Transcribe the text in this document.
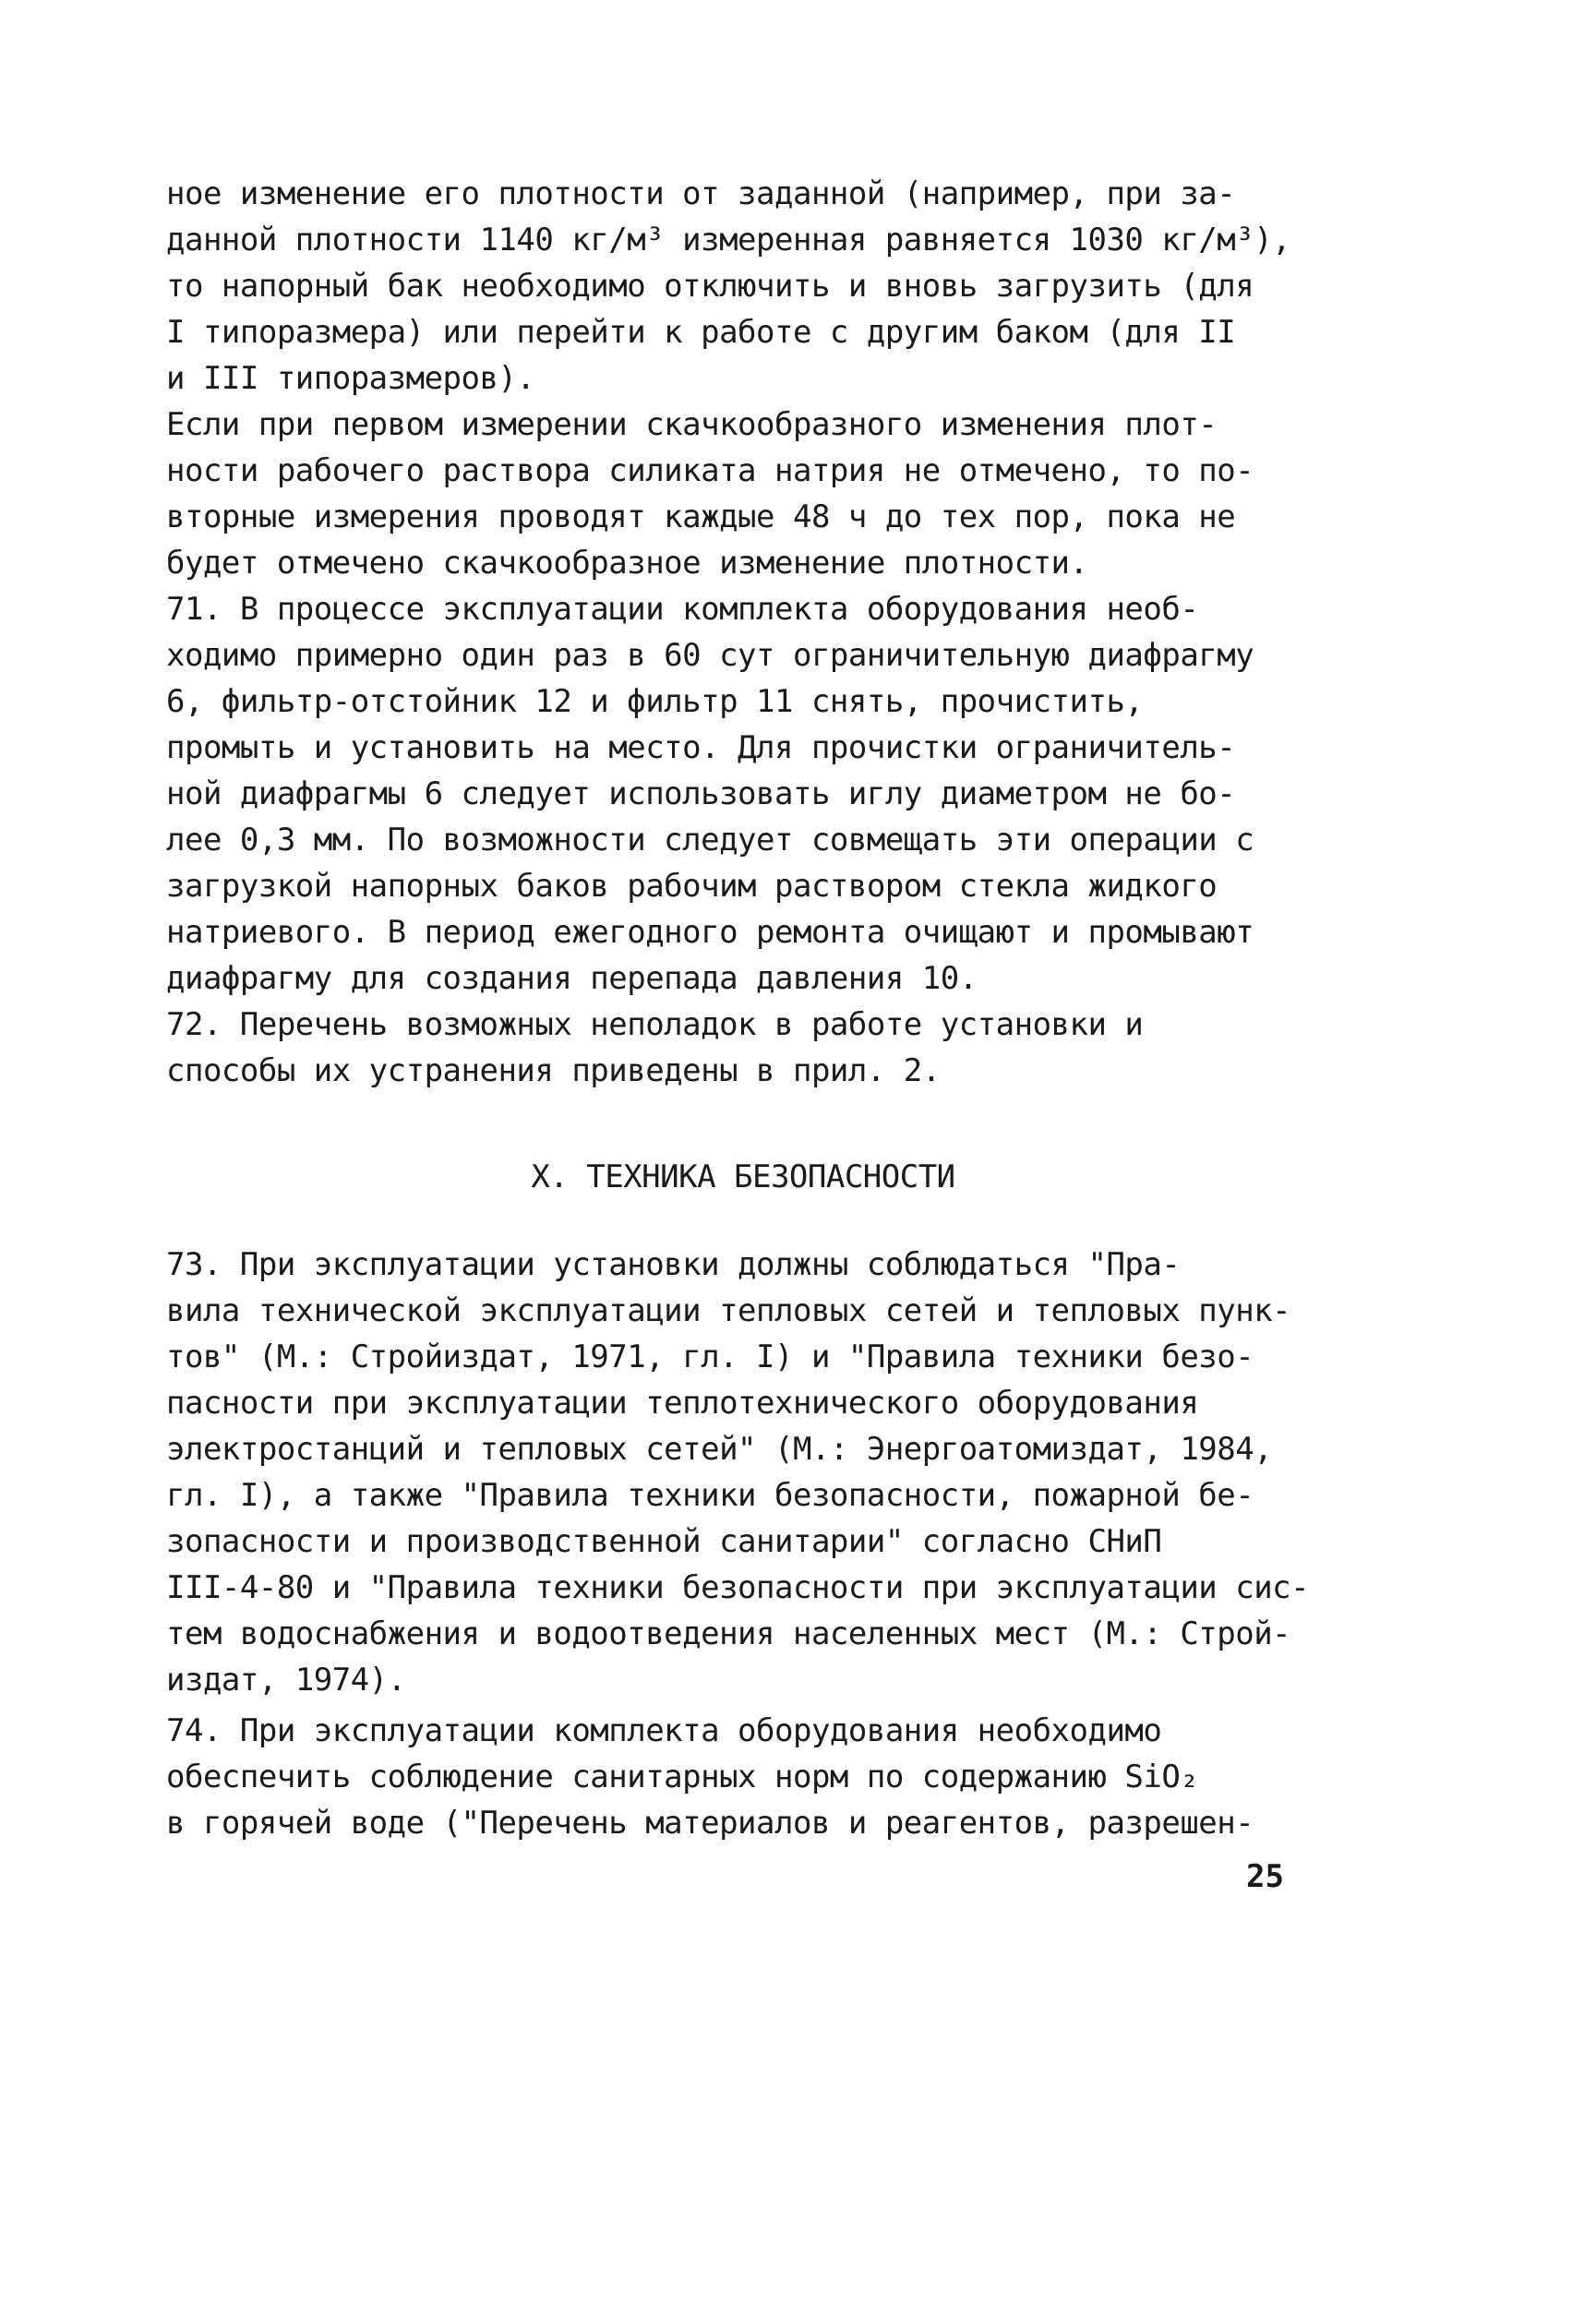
ное изменение его плотности от заданной (например, при за-
данной плотности 1140 кг/м³ измеренная равняется 1030 кг/м³),
то напорный бак необходимо отключить и вновь загрузить (для
I типоразмера) или перейти к работе с другим баком (для II
и III типоразмеров).
Если при первом измерении скачкообразного изменения плот-
ности рабочего раствора силиката натрия не отмечено, то по-
вторные измерения проводят каждые 48 ч до тех пор, пока не
будет отмечено скачкообразное изменение плотности.
71. В процессе эксплуатации комплекта оборудования необ-
ходимо примерно один раз в 60 сут ограничительную диафрагму
6, фильтр-отстойник 12 и фильтр 11 снять, прочистить,
промыть и установить на место. Для прочистки ограничитель-
ной диафрагмы 6 следует использовать иглу диаметром не бо-
лее 0,3 мм. По возможности следует совмещать эти операции с
загрузкой напорных баков рабочим раствором стекла жидкого
натриевого. В период ежегодного ремонта очищают и промывают
диафрагму для создания перепада давления 10.
72. Перечень возможных неполадок в работе установки и
способы их устранения приведены в прил. 2.
X. ТЕХНИКА БЕЗОПАСНОСТИ
73. При эксплуатации установки должны соблюдаться "Пра-
вила технической эксплуатации тепловых сетей и тепловых пунк-
тов" (М.: Стройиздат, 1971, гл. I) и "Правила техники безо-
пасности при эксплуатации теплотехнического оборудования
электростанций и тепловых сетей" (М.: Энергоатомиздат, 1984,
гл. I), а также "Правила техники безопасности, пожарной бе-
зопасности и производственной санитарии" согласно СНиП
III-4-80 и "Правила техники безопасности при эксплуатации сис-
тем водоснабжения и водоотведения населенных мест (М.: Строй-
издат, 1974).
74. При эксплуатации комплекта оборудования необходимо
обеспечить соблюдение санитарных норм по содержанию SiO₂
в горячей воде ("Перечень материалов и реагентов, разрешен-
25
